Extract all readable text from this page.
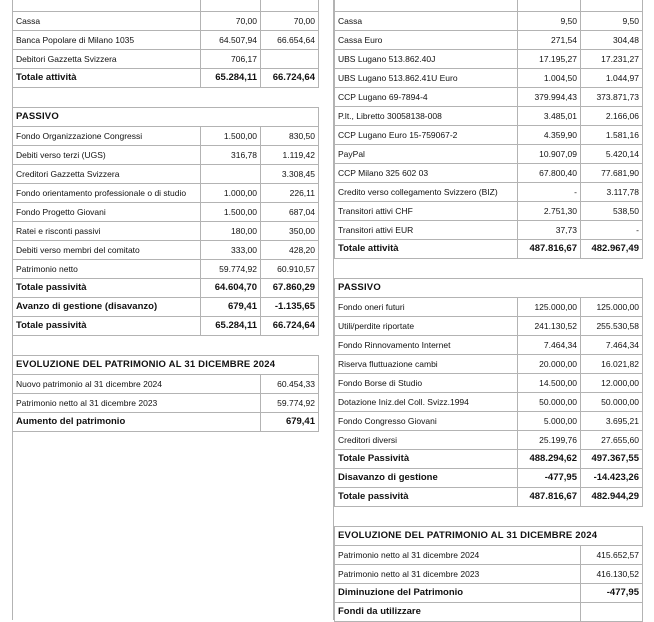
Cassa	70,00	70,00
Banca Popolare di Milano 1035	64.507,94	66.654,64
Debitori Gazzetta Svizzera	706,17	
Totale attività	65.284,11	66.724,64

PASSIVO		
Fondo Organizzazione Congressi	1.500,00	830,50
Debiti verso terzi (UGS)	316,78	1.119,42
Creditori Gazzetta Svizzera		3.308,45
Fondo orientamento professionale o di studio	1.000,00	226,11
Fondo Progetto Giovani	1.500,00	687,04
Ratei e risconti passivi	180,00	350,00
Debiti verso membri del comitato	333,00	428,20
Patrimonio netto	59.774,92	60.910,57
Totale passività	64.604,70	67.860,29
Avanzo di gestione (disavanzo)	679,41	-1.135,65
Totale passività	65.284,11	66.724,64

EVOLUZIONE DEL PATRIMONIO AL 31 DICEMBRE 2024		
Nuovo patrimonio al 31 dicembre 2024		60.454,33
Patrimonio netto al 31 dicembre 2023		59.774,92
Aumento del patrimonio		679,41

Cassa	9,50	9,50
Cassa Euro	271,54	304,48
UBS Lugano 513.862.40J	17.195,27	17.231,27
UBS Lugano 513.862.41U Euro	1.004,50	1.044,97
CCP Lugano 69-7894-4	379.994,43	373.871,73
P.lt., Libretto 30058138-008	3.485,01	2.166,06
CCP Lugano Euro 15-759067-2	4.359,90	1.581,16
PayPal	10.907,09	5.420,14
CCP Milano 325 602 03	67.800,40	77.681,90
Credito verso collegamento Svizzero (BIZ)	-	3.117,78
Transitori attivi CHF	2.751,30	538,50
Transitori attivi EUR	37,73	-
Totale attività	487.816,67	482.967,49

PASSIVO		
Fondo oneri futuri	125.000,00	125.000,00
Utili/perdite riportate	241.130,52	255.530,58
Fondo Rinnovamento Internet	7.464,34	7.464,34
Riserva fluttuazione cambi	20.000,00	16.021,82
Fondo Borse di Studio	14.500,00	12.000,00
Dotazione Iniz.del Coll. Svizz.1994	50.000,00	50.000,00
Fondo Congresso Giovani	5.000,00	3.695,21
Creditori diversi	25.199,76	27.655,60
Totale Passività	488.294,62	497.367,55
Disavanzo di gestione	-477,95	-14.423,26
Totale passività	487.816,67	482.944,29

EVOLUZIONE DEL PATRIMONIO AL 31 DICEMBRE 2024		
Patrimonio netto al 31 dicembre 2024		415.652,57
Patrimonio netto al 31 dicembre 2023		416.130,52
Diminuzione del Patrimonio		-477,95
Fondi da utilizzare		
